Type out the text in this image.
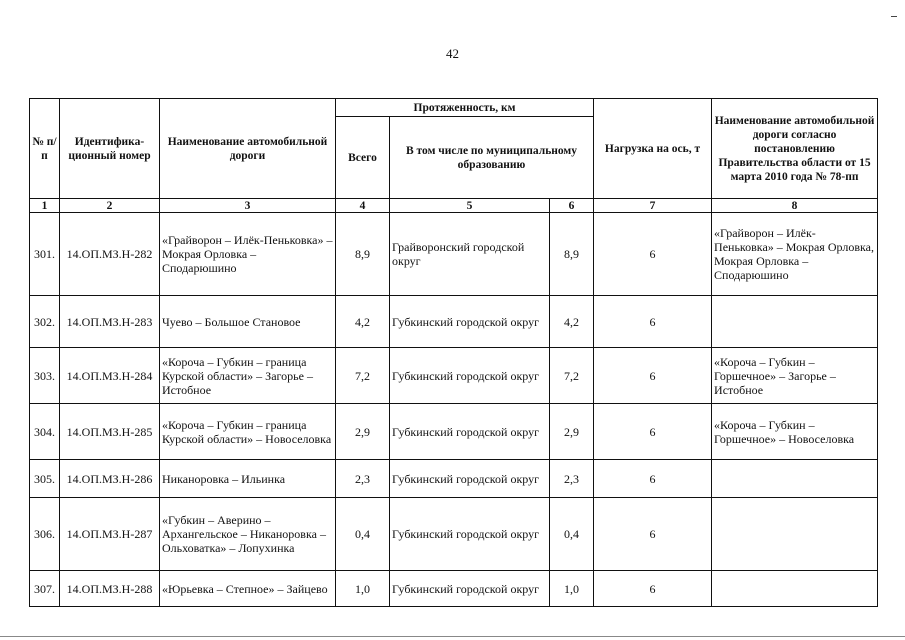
42
№ п/п	Идентифика-ционный номер	Наименование автомобильной дороги	Протяженность, км			Нагрузка на ось, т	Наименование автомобильной дороги согласно постановлению Правительства области от 15 марта 2010 года № 78-пп
			Всего	В том числе по муниципальному образованию			
1	2	3	4	5	6	7	8
301.	14.ОП.МЗ.Н-282	«Грайворон – Илёк-Пеньковка» – Мокрая Орловка – Сподарюшино	8,9	Грайворонский городской округ	8,9	6	«Грайворон – Илёк-Пеньковка» – Мокрая Орловка, Мокрая Орловка – Сподарюшино
302.	14.ОП.МЗ.Н-283	Чуево – Большое Становое	4,2	Губкинский городской округ	4,2	6	
303.	14.ОП.МЗ.Н-284	«Короча – Губкин – граница Курской области» – Загорье – Истобное	7,2	Губкинский городской округ	7,2	6	«Короча – Губкин – Горшечное» – Загорье – Истобное
304.	14.ОП.МЗ.Н-285	«Короча – Губкин – граница Курской области» – Новоселовка	2,9	Губкинский городской округ	2,9	6	«Короча – Губкин – Горшечное» – Новоселовка
305.	14.ОП.МЗ.Н-286	Никаноровка – Ильинка	2,3	Губкинский городской округ	2,3	6	
306.	14.ОП.МЗ.Н-287	«Губкин – Аверино – Архангельское – Никаноровка – Ольховатка» – Лопухинка	0,4	Губкинский городской округ	0,4	6	
307.	14.ОП.МЗ.Н-288	«Юрьевка – Степное» – Зайцево	1,0	Губкинский городской округ	1,0	6	
